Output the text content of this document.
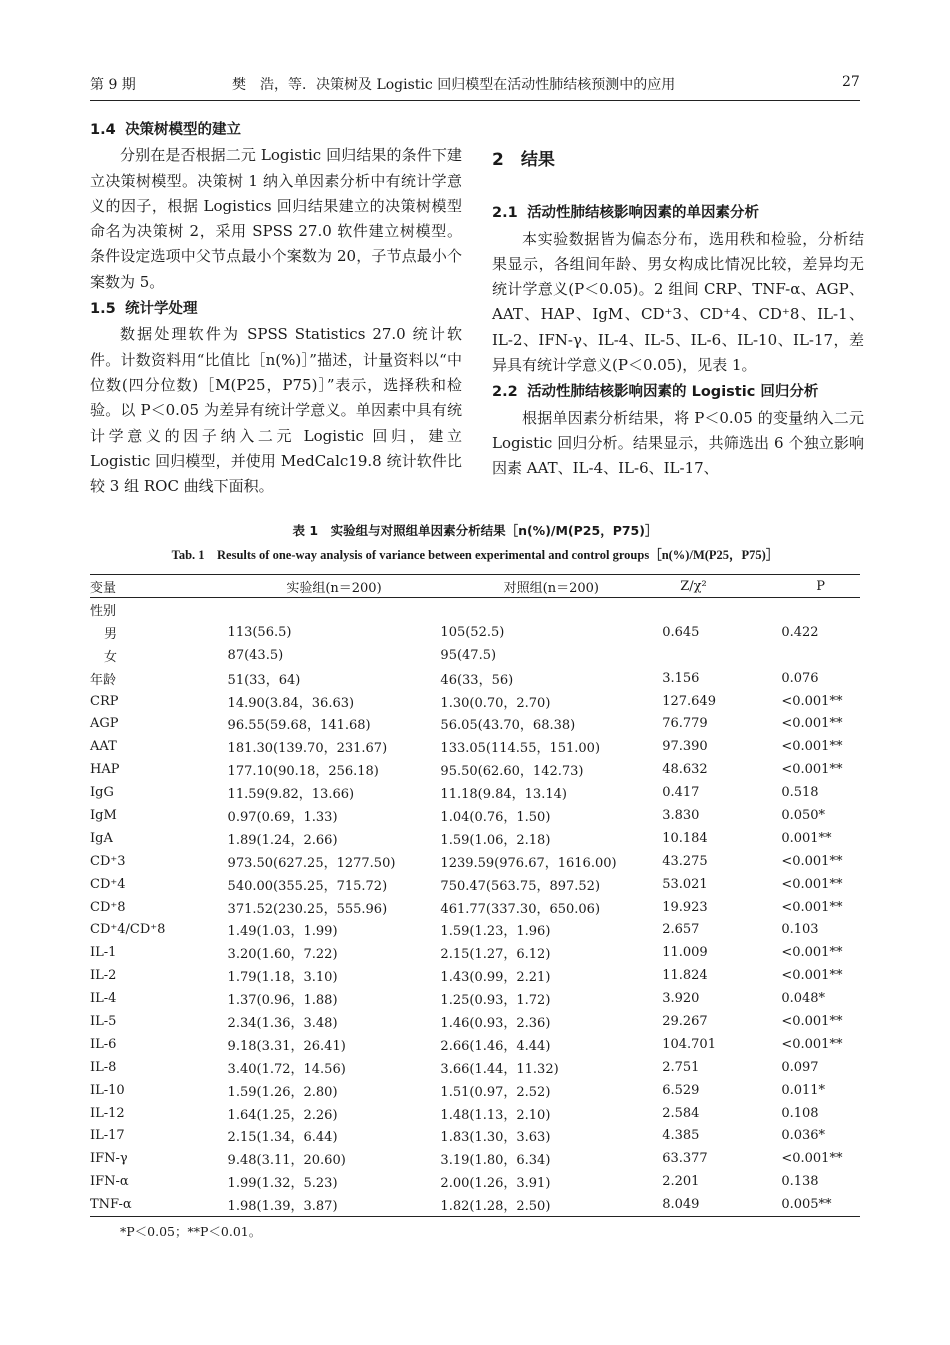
第 9 期	樊　浩，等．决策树及 Logistic 回归模型在活动性肺结核预测中的应用	27
1.4 决策树模型的建立

分别在是否根据二元 Logistic 回归结果的条件下建立决策树模型。决策树 1 纳入单因素分析中有统计学意义的因子，根据 Logistics 回归结果建立的决策树模型命名为决策树 2，采用 SPSS 27.0 软件建立树模型。条件设定选项中父节点最小个案数为 20，子节点最小个案数为 5。

1.5 统计学处理

数据处理软件为 SPSS Statistics 27.0 统计软件。计数资料用“比值比［n(%)］”描述，计量资料以“中位数(四分位数)［M(P25，P75)］”表示，选择秩和检验。以 P＜0.05 为差异有统计学意义。单因素中具有统计学意义的因子纳入二元 Logistic 回归，建立 Logistic 回归模型，并使用 MedCalc19.8 统计软件比较 3 组 ROC 曲线下面积。

2　 结果
2.1 活动性肺结核影响因素的单因素分析

本实验数据皆为偏态分布，选用秩和检验，分析结果显示，各组间年龄、男女构成比情况比较，差异均无统计学意义(P＜0.05)。2 组间 CRP、TNF-α、AGP、AAT、HAP、IgM、CD⁺3、CD⁺4、CD⁺8、IL-1、IL-2、IFN-γ、IL-4、IL-5、IL-6、IL-10、IL-17，差异具有统计学意义(P＜0.05)，见表 1。

2.2 活动性肺结核影响因素的 Logistic 回归分析

根据单因素分析结果，将 P＜0.05 的变量纳入二元 Logistic 回归分析。结果显示，共筛选出 6 个独立影响因素 AAT、IL-4、IL-6、IL-17、

表 1　实验组与对照组单因素分析结果［n(%)/M(P25，P75)］
Tab. 1　Results of one-way analysis of variance between experimental and control groups［n(%)/M(P25，P75)］
变量	实验组(n＝200)	对照组(n＝200)	Z/χ²	P
性别				
男	113(56.5)	105(52.5)	0.645	0.422
女	87(43.5)	95(47.5)		
年龄	51(33，64)	46(33，56)	3.156	0.076
CRP	14.90(3.84，36.63)	1.30(0.70，2.70)	127.649	<0.001**
AGP	96.55(59.68，141.68)	56.05(43.70，68.38)	76.779	<0.001**
AAT	181.30(139.70，231.67)	133.05(114.55，151.00)	97.390	<0.001**
HAP	177.10(90.18，256.18)	95.50(62.60，142.73)	48.632	<0.001**
IgG	11.59(9.82，13.66)	11.18(9.84，13.14)	0.417	0.518
IgM	0.97(0.69，1.33)	1.04(0.76，1.50)	3.830	0.050*
IgA	1.89(1.24，2.66)	1.59(1.06，2.18)	10.184	0.001**
CD⁺3	973.50(627.25，1277.50)	1239.59(976.67，1616.00)	43.275	<0.001**
CD⁺4	540.00(355.25，715.72)	750.47(563.75，897.52)	53.021	<0.001**
CD⁺8	371.52(230.25，555.96)	461.77(337.30，650.06)	19.923	<0.001**
CD⁺4/CD⁺8	1.49(1.03，1.99)	1.59(1.23，1.96)	2.657	0.103
IL-1	3.20(1.60，7.22)	2.15(1.27，6.12)	11.009	<0.001**
IL-2	1.79(1.18，3.10)	1.43(0.99，2.21)	11.824	<0.001**
IL-4	1.37(0.96，1.88)	1.25(0.93，1.72)	3.920	0.048*
IL-5	2.34(1.36，3.48)	1.46(0.93，2.36)	29.267	<0.001**
IL-6	9.18(3.31，26.41)	2.66(1.46，4.44)	104.701	<0.001**
IL-8	3.40(1.72，14.56)	3.66(1.44，11.32)	2.751	0.097
IL-10	1.59(1.26，2.80)	1.51(0.97，2.52)	6.529	0.011*
IL-12	1.64(1.25，2.26)	1.48(1.13，2.10)	2.584	0.108
IL-17	2.15(1.34，6.44)	1.83(1.30，3.63)	4.385	0.036*
IFN-γ	9.48(3.11，20.60)	3.19(1.80，6.34)	63.377	<0.001**
IFN-α	1.99(1.32，5.23)	2.00(1.26，3.91)	2.201	0.138
TNF-α	1.98(1.39，3.87)	1.82(1.28，2.50)	8.049	0.005**
*P＜0.05；**P＜0.01。
